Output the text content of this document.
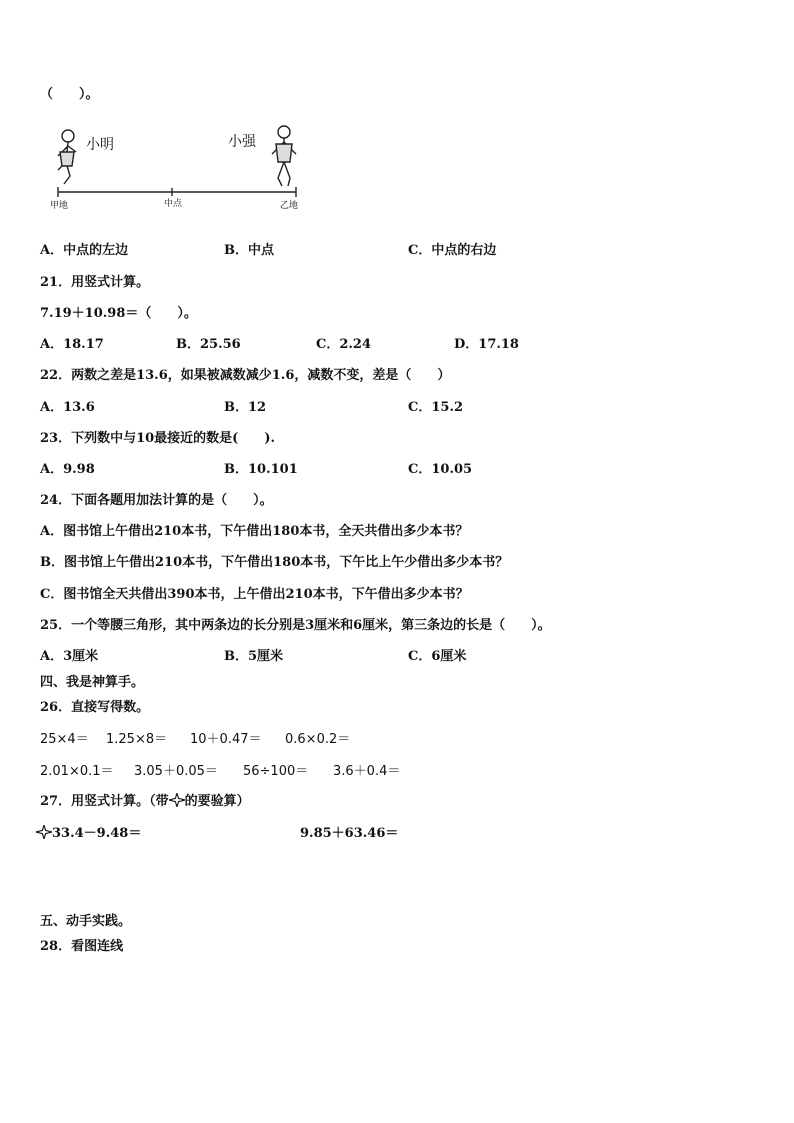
（　　）。
小明	小强
甲地	中点	乙地
A．中点的左边	B．中点	C．中点的右边
21．用竖式计算。
7.19＋10.98＝（　　）。
A．18.17	B．25.56	C．2.24	D．17.18
22．两数之差是13.6，如果被减数减少1.6，减数不变，差是（　　）
A．13.6	B．12	C．15.2
23．下列数中与10最接近的数是(　　).
A．9.98	B．10.101	C．10.05
24．下面各题用加法计算的是（　　）。
A．图书馆上午借出210本书，下午借出180本书，全天共借出多少本书？
B．图书馆上午借出210本书，下午借出180本书，下午比上午少借出多少本书？
C．图书馆全天共借出390本书，上午借出210本书，下午借出多少本书？
25．一个等腰三角形，其中两条边的长分别是3厘米和6厘米，第三条边的长是（　　）。
A．3厘米	B．5厘米	C．6厘米
四、我是神算手。
26．直接写得数。
25×4＝ 1.25×8＝ 10＋0.47＝ 0.6×0.2＝
2.01×0.1＝ 3.05＋0.05＝ 56÷100＝ 3.6＋0.4＝
27．用竖式计算。（带 的要验算）
33.4－9.48＝	9.85＋63.46＝
五、动手实践。
28．看图连线
